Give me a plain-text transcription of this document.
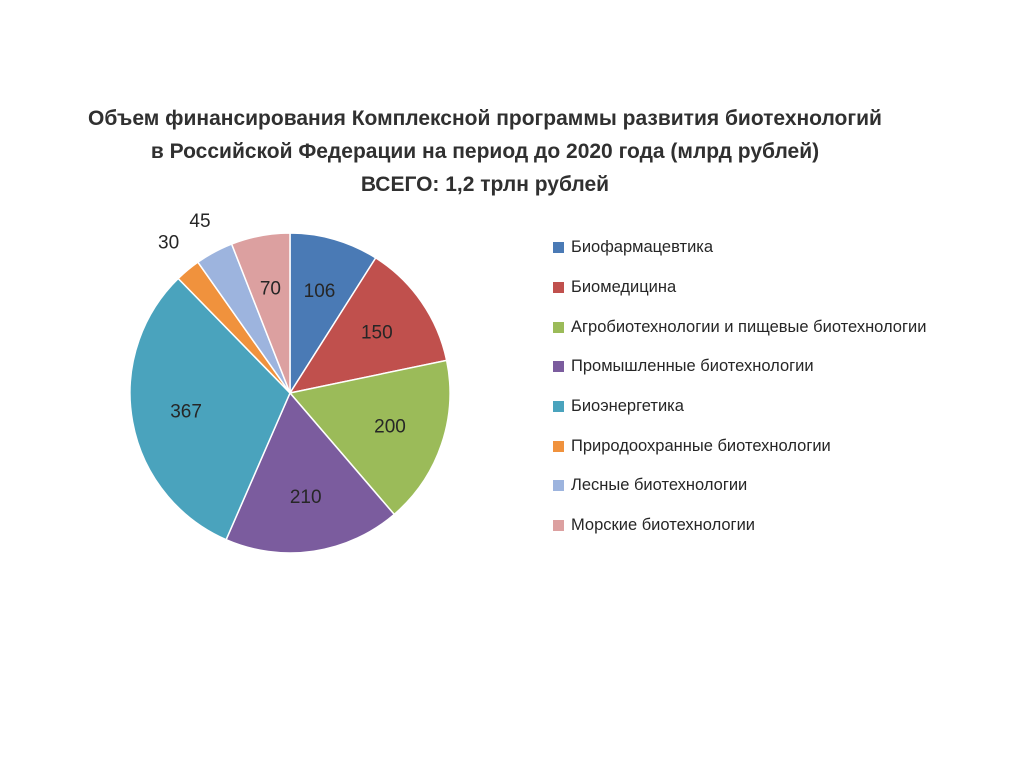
Объем финансирования Комплексной программы развития биотехнологий
в Российской Федерации на период до 2020 года (млрд рублей)
ВСЕГО: 1,2 трлн рублей
106
150
200
210
367
30
45
70
Биофармацевтика
Биомедицина
Агробиотехнологии и пищевые биотехнологии
Промышленные биотехнологии
Биоэнергетика
Природоохранные биотехнологии
Лесные биотехнологии
Морские биотехнологии
